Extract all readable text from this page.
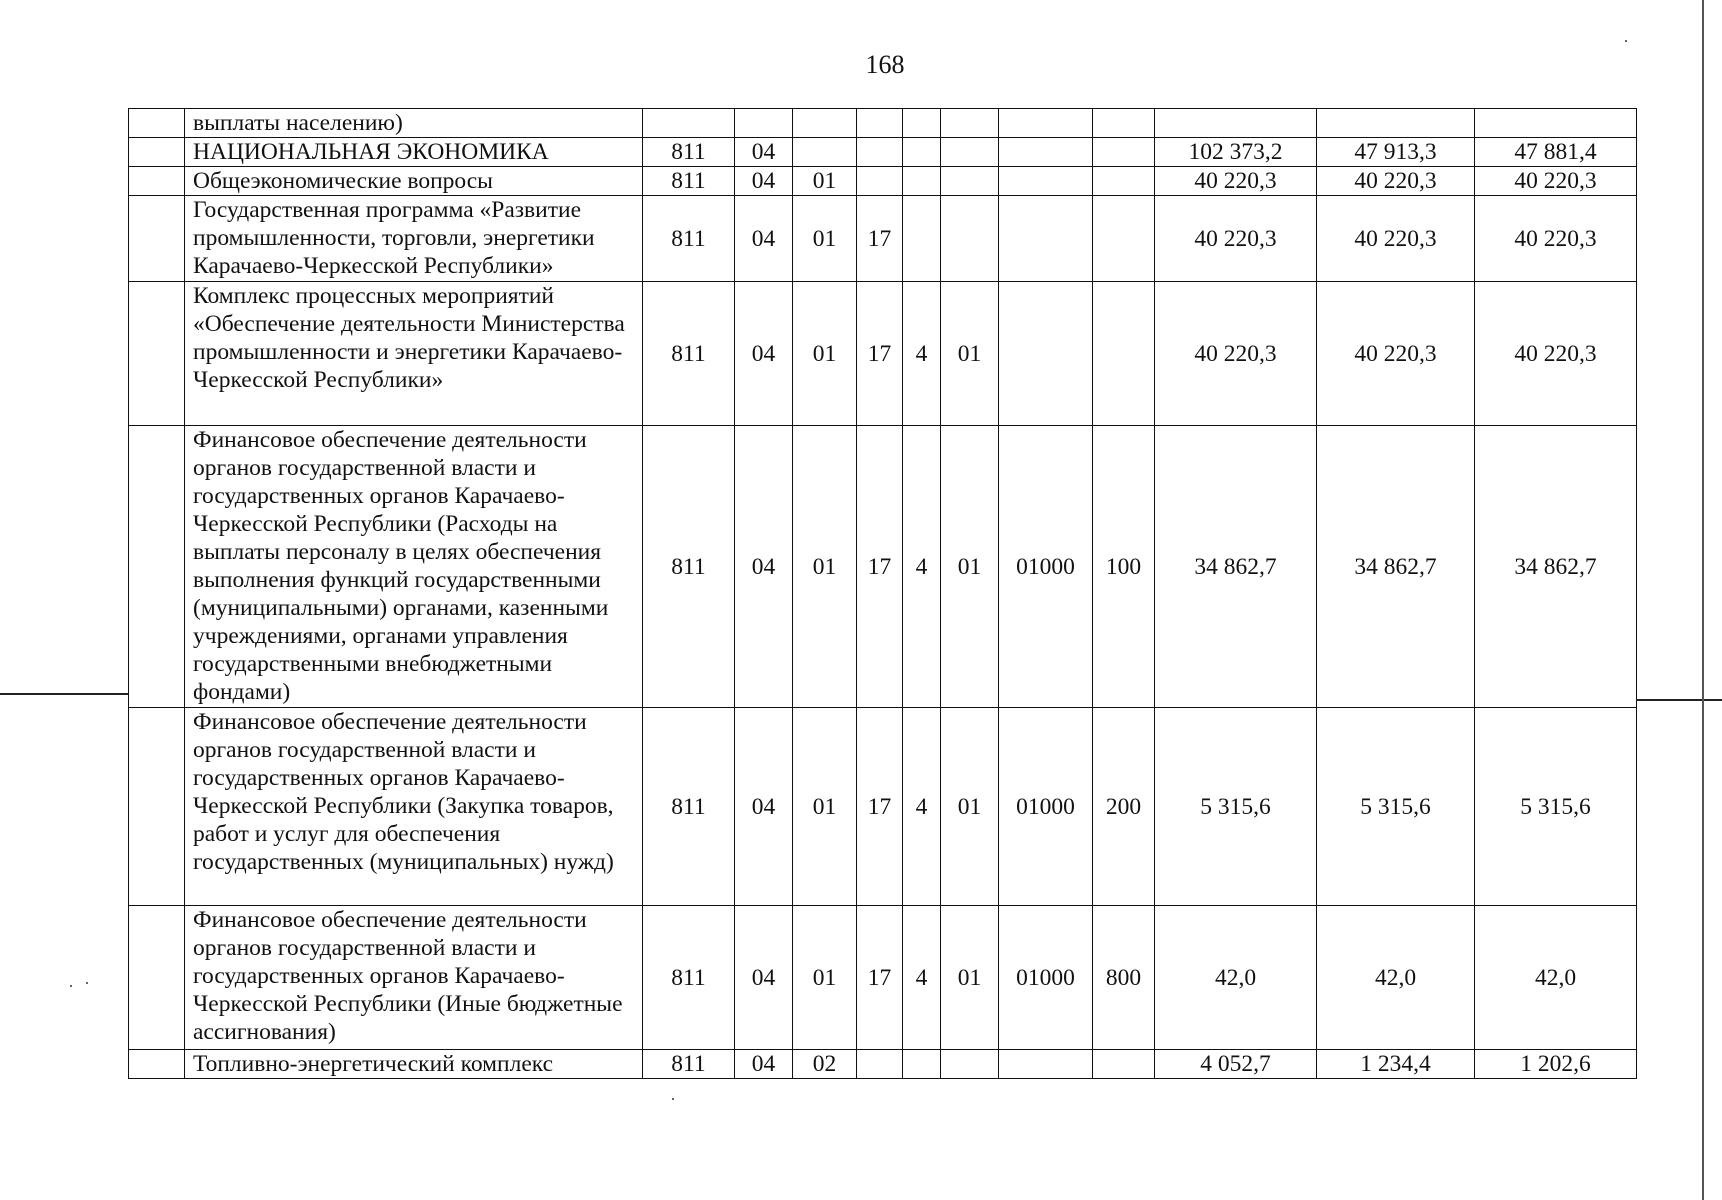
168
	выплаты населению)											
	НАЦИОНАЛЬНАЯ ЭКОНОМИКА	811	04							102 373,2	47 913,3	47 881,4
	Общеэкономические вопросы	811	04	01						40 220,3	40 220,3	40 220,3
	Государственная программа «Развитие промышленности, торговли, энергетики Карачаево-Черкесской Республики»	811	04	01	17					40 220,3	40 220,3	40 220,3
	Комплекс процессных мероприятий «Обеспечение деятельности Министерства промышленности и энергетики Карачаево-Черкесской Республики»	811	04	01	17	4	01			40 220,3	40 220,3	40 220,3
	Финансовое обеспечение деятельности органов государственной власти и государственных органов Карачаево-Черкесской Республики (Расходы на выплаты персоналу в целях обеспечения выполнения функций государственными (муниципальными) органами, казенными учреждениями, органами управления государственными внебюджетными фондами)	811	04	01	17	4	01	01000	100	34 862,7	34 862,7	34 862,7
	Финансовое обеспечение деятельности органов государственной власти и государственных органов Карачаево-Черкесской Республики (Закупка товаров, работ и услуг для обеспечения государственных (муниципальных) нужд)	811	04	01	17	4	01	01000	200	5 315,6	5 315,6	5 315,6
	Финансовое обеспечение деятельности органов государственной власти и государственных органов Карачаево-Черкесской Республики (Иные бюджетные ассигнования)	811	04	01	17	4	01	01000	800	42,0	42,0	42,0
	Топливно-энергетический комплекс	811	04	02						4 052,7	1 234,4	1 202,6
